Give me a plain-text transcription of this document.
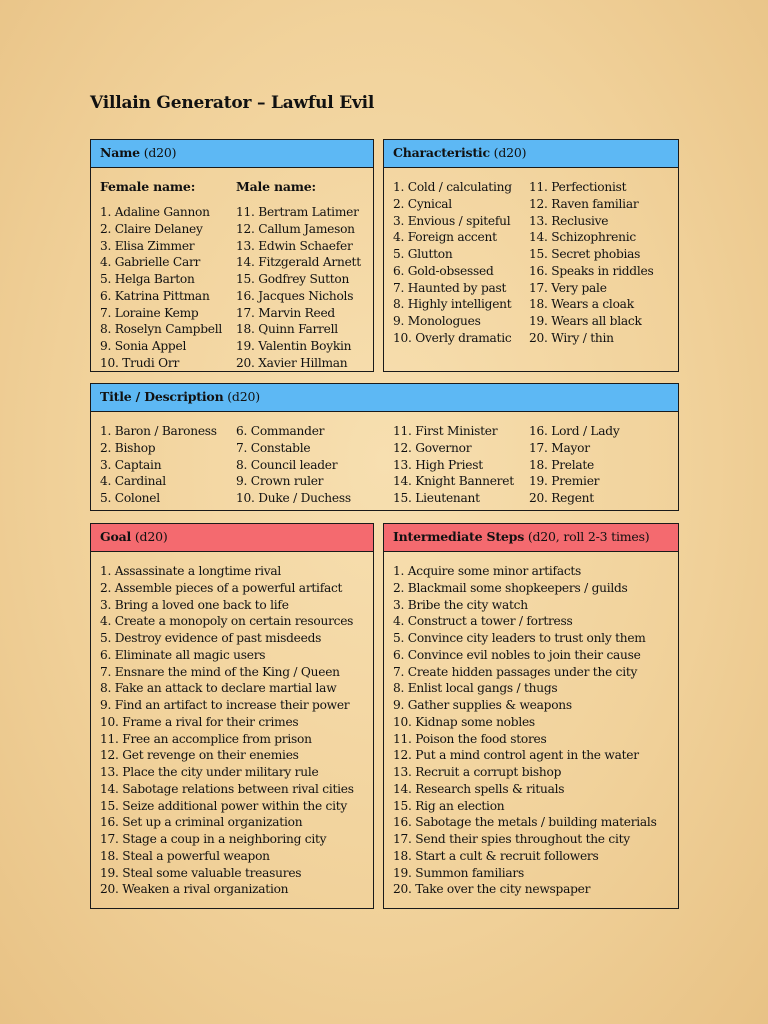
Villain Generator – Lawful Evil
Name (d20)
Female name:	Male name:
1. Adaline Gannon
2. Claire Delaney
3. Elisa Zimmer
4. Gabrielle Carr
5. Helga Barton
6. Katrina Pittman
7. Loraine Kemp
8. Roselyn Campbell
9. Sonia Appel
10. Trudi Orr
11. Bertram Latimer
12. Callum Jameson
13. Edwin Schaefer
14. Fitzgerald Arnett
15. Godfrey Sutton
16. Jacques Nichols
17. Marvin Reed
18. Quinn Farrell
19. Valentin Boykin
20. Xavier Hillman
Characteristic (d20)
1. Cold / calculating
2. Cynical
3. Envious / spiteful
4. Foreign accent
5. Glutton
6. Gold-obsessed
7. Haunted by past
8. Highly intelligent
9. Monologues
10. Overly dramatic
11. Perfectionist
12. Raven familiar
13. Reclusive
14. Schizophrenic
15. Secret phobias
16. Speaks in riddles
17. Very pale
18. Wears a cloak
19. Wears all black
20. Wiry / thin
Title / Description (d20)
1. Baron / Baroness
2. Bishop
3. Captain
4. Cardinal
5. Colonel
6. Commander
7. Constable
8. Council leader
9. Crown ruler
10. Duke / Duchess
11. First Minister
12. Governor
13. High Priest
14. Knight Banneret
15. Lieutenant
16. Lord / Lady
17. Mayor
18. Prelate
19. Premier
20. Regent
Goal (d20)
1. Assassinate a longtime rival
2. Assemble pieces of a powerful artifact
3. Bring a loved one back to life
4. Create a monopoly on certain resources
5. Destroy evidence of past misdeeds
6. Eliminate all magic users
7. Ensnare the mind of the King / Queen
8. Fake an attack to declare martial law
9. Find an artifact to increase their power
10. Frame a rival for their crimes
11. Free an accomplice from prison
12. Get revenge on their enemies
13. Place the city under military rule
14. Sabotage relations between rival cities
15. Seize additional power within the city
16. Set up a criminal organization
17. Stage a coup in a neighboring city
18. Steal a powerful weapon
19. Steal some valuable treasures
20. Weaken a rival organization
Intermediate Steps (d20, roll 2-3 times)
1. Acquire some minor artifacts
2. Blackmail some shopkeepers / guilds
3. Bribe the city watch
4. Construct a tower / fortress
5. Convince city leaders to trust only them
6. Convince evil nobles to join their cause
7. Create hidden passages under the city
8. Enlist local gangs / thugs
9. Gather supplies & weapons
10. Kidnap some nobles
11. Poison the food stores
12. Put a mind control agent in the water
13. Recruit a corrupt bishop
14. Research spells & rituals
15. Rig an election
16. Sabotage the metals / building materials
17. Send their spies throughout the city
18. Start a cult & recruit followers
19. Summon familiars
20. Take over the city newspaper
